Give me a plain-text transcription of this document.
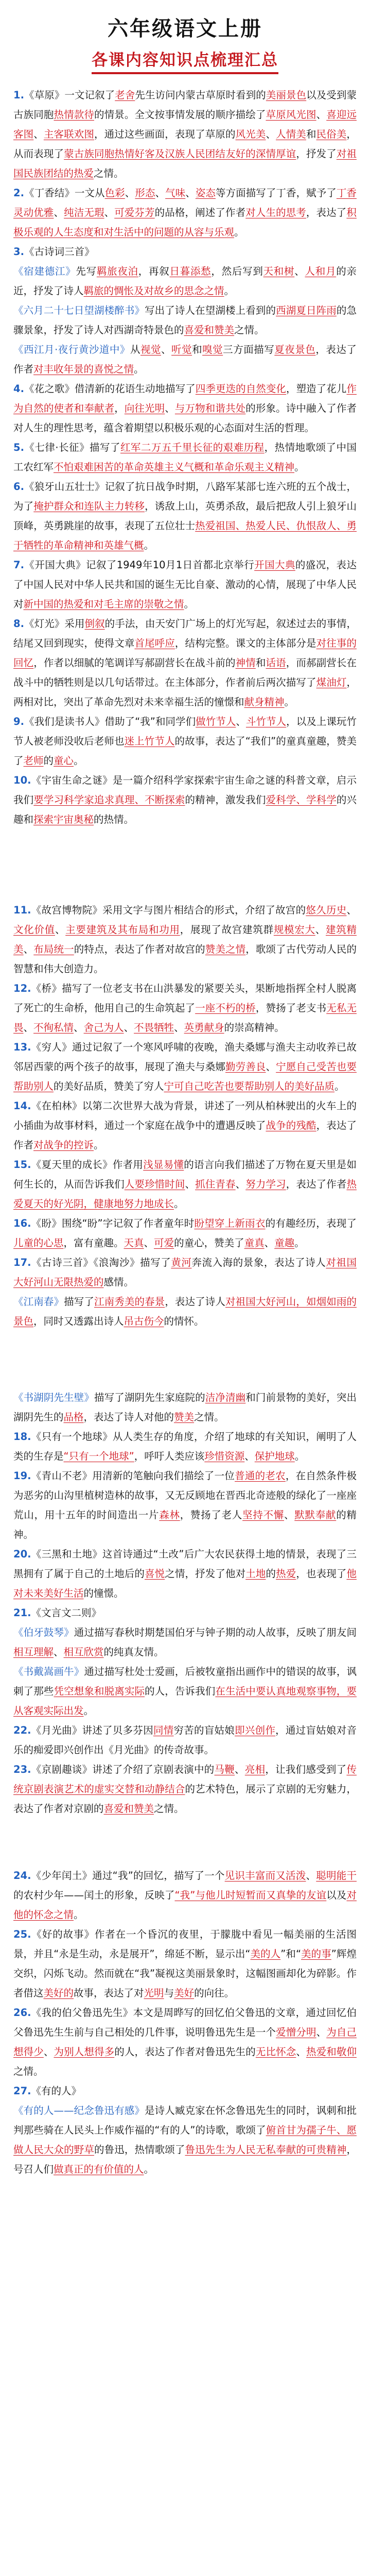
六年级语文上册
各课内容知识点梳理汇总

1.《草原》一文记叙了老舍先生访问内蒙古草原时看到的美丽景色以及受到蒙古族同胞热情款待的情景。全文按事情发展的顺序描绘了草原风光图、喜迎远客图、主客联欢图，通过这些画面，表现了草原的风光美、人情美和民俗美，从而表现了蒙古族同胞热情好客及汉族人民团结友好的深情厚谊，抒发了对祖国民族团结的热爱之情。

2.《丁香结》一文从色彩、形态、气味、姿态等方面描写了丁香，赋予了丁香灵动优雅、纯洁无瑕、可爱芬芳的品格，阐述了作者对人生的思考，表达了积极乐观的人生态度和对生活中的问题的从容与乐观。

3.《古诗词三首》

《宿建德江》先写羁旅夜泊，再叙日暮添愁，然后写到天和树、人和月的亲近，抒发了诗人羁旅的惆怅及对故乡的思念之情。

《六月二十七日望湖楼醉书》写出了诗人在望湖楼上看到的西湖夏日阵雨的急骤景象，抒发了诗人对西湖奇特景色的喜爱和赞美之情。

《西江月·夜行黄沙道中》从视觉、听觉和嗅觉三方面描写夏夜景色，表达了作者对丰收年景的喜悦之情。

4.《花之歌》借清新的花语生动地描写了四季更迭的自然变化，塑造了花儿作为自然的使者和奉献者，向往光明、与万物和谐共处的形象。诗中融入了作者对人生的理性思考，蕴含着期望以积极乐观的心态面对生活的哲理。

5.《七律·长征》描写了红军二万五千里长征的艰难历程，热情地歌颂了中国工农红军不怕艰难困苦的革命英雄主义气概和革命乐观主义精神。

6.《狼牙山五壮士》记叙了抗日战争时期，八路军某部七连六班的五个战士，为了掩护群众和连队主力转移，诱敌上山，英勇杀敌，最后把敌人引上狼牙山顶峰，英勇跳崖的故事，表现了五位壮士热爱祖国、热爱人民、仇恨敌人、勇于牺牲的革命精神和英雄气概。

7.《开国大典》记叙了1949年10月1日首都北京举行开国大典的盛况，表达了中国人民对中华人民共和国的诞生无比自豪、激动的心情，展现了中华人民对新中国的热爱和对毛主席的崇敬之情。

8.《灯光》采用倒叙的手法，由天安门广场上的灯光写起，叙述过去的事情，结尾又回到现实，使得文章首尾呼应，结构完整。课文的主体部分是对往事的回忆，作者以细腻的笔调详写郝副营长在战斗前的神情和话语，而郝副营长在战斗中的牺牲则是以几句话带过。在主体部分，作者前后两次描写了煤油灯，两相对比，突出了革命先烈对未来幸福生活的憧憬和献身精神。

9.《我们是读书人》借助了“我”和同学们做竹节人、斗竹节人，以及上课玩竹节人被老师没收后老师也迷上竹节人的故事，表达了“我们”的童真童趣，赞美了老师的童心。

10.《宇宙生命之谜》是一篇介绍科学家探索宇宙生命之谜的科普文章，启示我们要学习科学家追求真理、不断探索的精神，激发我们爱科学、学科学的兴趣和探索宇宙奥秘的热情。

11.《故宫博物院》采用文字与图片相结合的形式，介绍了故宫的悠久历史、文化价值、主要建筑及其布局和功用，展现了故宫建筑群规模宏大、建筑精美、布局统一的特点，表达了作者对故宫的赞美之情，歌颂了古代劳动人民的智慧和伟大创造力。

12.《桥》描写了一位老支书在山洪暴发的紧要关头，果断地指挥全村人脱离了死亡的生命桥，他用自己的生命筑起了一座不朽的桥，赞扬了老支书无私无畏、不徇私情、舍己为人、不畏牺牲、英勇献身的崇高精神。

13.《穷人》通过记叙了一个寒风呼啸的夜晚，渔夫桑娜与渔夫主动收养已故邻居西蒙的两个孩子的故事，展现了渔夫与桑娜勤劳善良、宁愿自己受苦也要帮助别人的美好品质，赞美了穷人宁可自己吃苦也要帮助别人的美好品质。

14.《在柏林》以第二次世界大战为背景，讲述了一列从柏林驶出的火车上的小插曲为故事材料，通过一个家庭在战争中的遭遇反映了战争的残酷，表达了作者对战争的控诉。

15.《夏天里的成长》作者用浅显易懂的语言向我们描述了万物在夏天里是如何生长的，从而告诉我们人要珍惜时间、抓住青春、努力学习，表达了作者热爱夏天的好光阴，健康地努力地成长。

16.《盼》围绕“盼”字记叙了作者童年时盼望穿上新雨衣的有趣经历，表现了儿童的心思，富有童趣。天真、可爱的童心，赞美了童真、童趣。

17.《古诗三首》《浪淘沙》描写了黄河奔流入海的景象，表达了诗人对祖国大好河山无限热爱的感情。

《江南春》描写了江南秀美的春景，表达了诗人对祖国大好河山，如烟如雨的景色，同时又透露出诗人吊古伤今的情怀。

《书湖阴先生壁》描写了湖阴先生家庭院的洁净清幽和门前景物的美好，突出湖阴先生的品格，表达了诗人对他的赞美之情。

18.《只有一个地球》从人类生存的角度，介绍了地球的有关知识，阐明了人类的生存是“只有一个地球”，呼吁人类应该珍惜资源、保护地球。

19.《青山不老》用清新的笔触向我们描绘了一位普通的老农，在自然条件极为恶劣的山沟里植树造林的故事，又无反顾地在晋西北奇迹般的绿化了一座座荒山，用十五年的时间造出一片森林，赞扬了老人坚持不懈、默默奉献的精神。

20.《三黑和土地》这首诗通过“土改”后广大农民获得土地的情景，表现了三黑拥有了属于自己的土地后的喜悦之情，抒发了他对土地的热爱，也表现了他对未来美好生活的憧憬。

21.《文言文二则》

《伯牙鼓琴》通过描写春秋时期楚国伯牙与钟子期的动人故事，反映了朋友间相互理解、相互欣赏的纯真友情。

《书戴嵩画牛》通过描写杜处士爱画，后被牧童指出画作中的错误的故事，讽刺了那些凭空想象和脱离实际的人，告诉我们在生活中要认真地观察事物，要从客观实际出发。

22.《月光曲》讲述了贝多芬因同情穷苦的盲姑娘即兴创作，通过盲姑娘对音乐的痴爱即兴创作出《月光曲》的传奇故事。

23.《京剧趣谈》讲述了介绍了京剧表演中的马鞭、亮相，让我们感受到了传统京剧表演艺术的虚实交替和动静结合的艺术特色，展示了京剧的无穷魅力，表达了作者对京剧的喜爱和赞美之情。

24.《少年闰土》通过“我”的回忆，描写了一个见识丰富而又活泼、聪明能干的农村少年——闰土的形象，反映了“我”与他儿时短暂而又真挚的友谊以及对他的怀念之情。

25.《好的故事》作者在一个昏沉的夜里，于朦胧中看见一幅美丽的生活图景，并且“永是生动，永是展开”，绵延不断，显示出“美的人”和“美的事”辉煌交织，闪烁飞动。然而就在“我”凝视这美丽景象时，这幅图画却化为碎影。作者借这美好的故事，表达了对光明与美好的向往。

26.《我的伯父鲁迅先生》本文是周晔写的回忆伯父鲁迅的文章，通过回忆伯父鲁迅先生生前与自己相处的几件事，说明鲁迅先生是一个爱憎分明、为自己想得少、为别人想得多的人，表达了作者对鲁迅先生的无比怀念、热爱和敬仰之情。

27.《有的人》

《有的人——纪念鲁迅有感》是诗人臧克家在怀念鲁迅先生的同时，讽刺和批判那些骑在人民头上作威作福的“有的人”的诗歌，歌颂了俯首甘为孺子牛、愿做人民大众的野草的鲁迅，热情歌颂了鲁迅先生为人民无私奉献的可贵精神，号召人们做真正的有价值的人。
